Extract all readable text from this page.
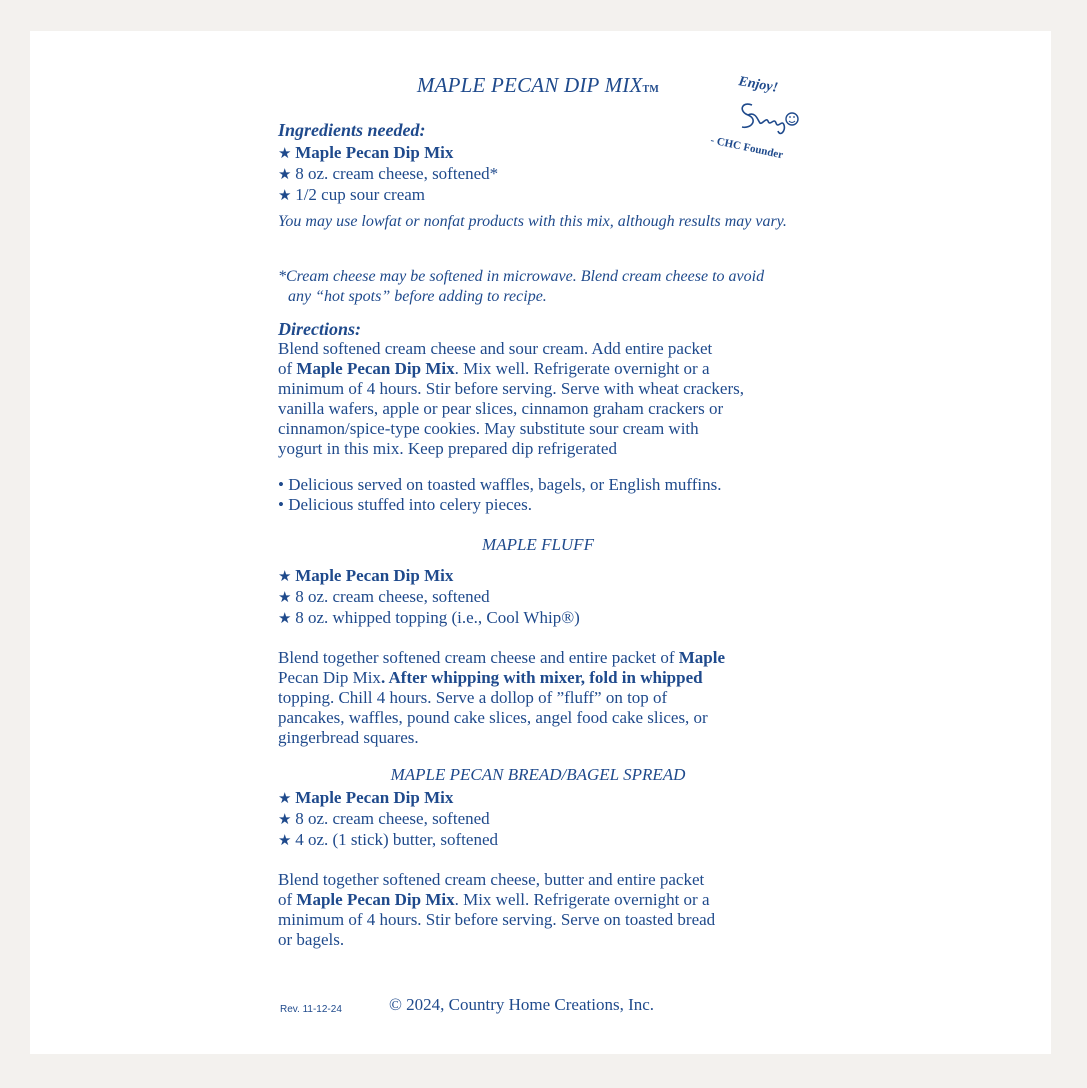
MAPLE PECAN DIP MIXTM	Enjoy!
- CHC Founder
Ingredients needed:
★ Maple Pecan Dip Mix
★ 8 oz. cream cheese, softened*
★ 1/2 cup sour cream
You may use lowfat or nonfat products with this mix, although results may vary.
*Cream cheese may be softened in microwave. Blend cream cheese to avoid any “hot spots” before adding to recipe.
Directions:
Blend softened cream cheese and sour cream. Add entire packet
of Maple Pecan Dip Mix. Mix well. Refrigerate overnight or a
minimum of 4 hours. Stir before serving. Serve with wheat crackers,
vanilla wafers, apple or pear slices, cinnamon graham crackers or
cinnamon/spice-type cookies. May substitute sour cream with
yogurt in this mix. Keep prepared dip refrigerated
• Delicious served on toasted waffles, bagels, or English muffins.
• Delicious stuffed into celery pieces.
MAPLE FLUFF
★ Maple Pecan Dip Mix
★ 8 oz. cream cheese, softened
★ 8 oz. whipped topping (i.e., Cool Whip®)
Blend together softened cream cheese and entire packet of Maple
Pecan Dip Mix. After whipping with mixer, fold in whipped
topping. Chill 4 hours. Serve a dollop of ”fluff” on top of
pancakes, waffles, pound cake slices, angel food cake slices, or
gingerbread squares.
MAPLE PECAN BREAD/BAGEL SPREAD
★ Maple Pecan Dip Mix
★ 8 oz. cream cheese, softened
★ 4 oz. (1 stick) butter, softened
Blend together softened cream cheese, butter and entire packet
of Maple Pecan Dip Mix. Mix well. Refrigerate overnight or a
minimum of 4 hours. Stir before serving. Serve on toasted bread
or bagels.
Rev. 11-12-24	© 2024, Country Home Creations, Inc.
